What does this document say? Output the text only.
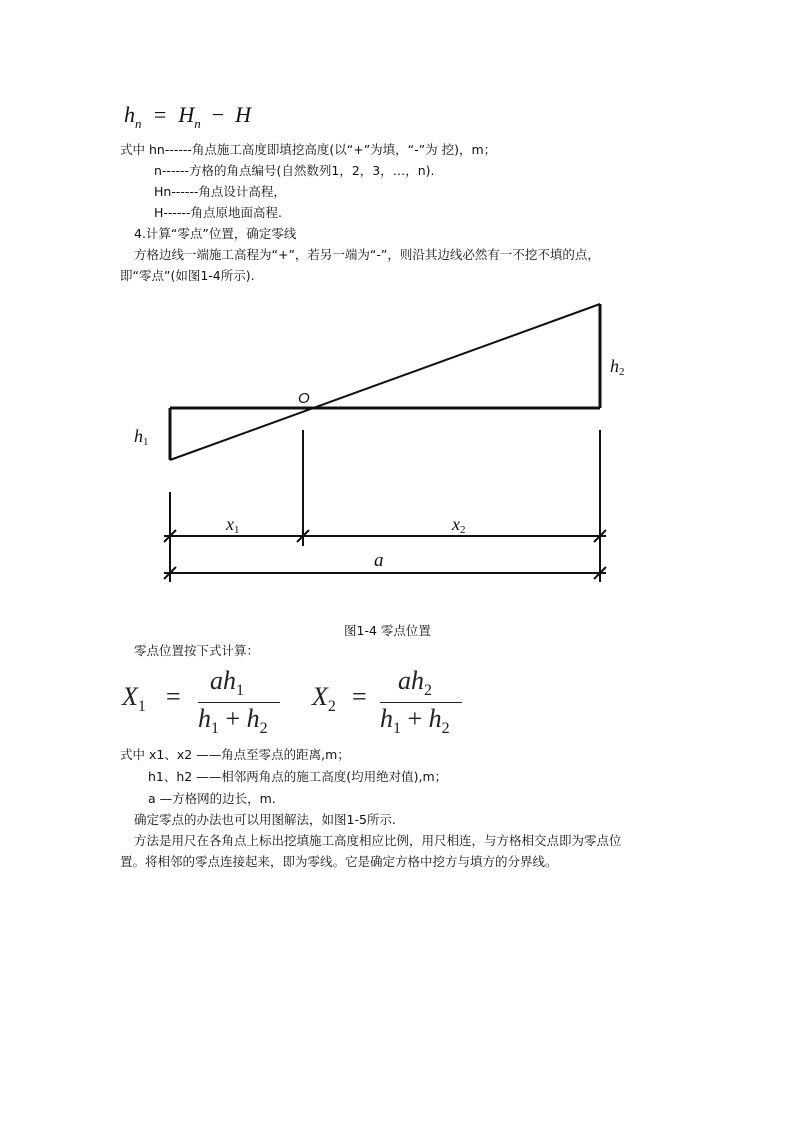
$h_n = H_n - H$
式中 hn------角点施工高度即填挖高度(以“+”为填，“-”为 挖)，m；
n------方格的角点编号(自然数列1，2，3，…，n).
Hn------角点设计高程，
H------角点原地面高程.
4.计算“零点”位置，确定零线
方格边线一端施工高程为“+”，若另一端为“-”，则沿其边线必然有一不挖不填的点，
即“零点”(如图1-4所示).
h1
h2
O
x1	x2
a
图1-4 零点位置
零点位置按下式计算：
$X_1$ =
$ah_1$
$h_1 + h_2$
$X_2$ =
$ah_2$
$h_1 + h_2$
式中 x1、x2 ——角点至零点的距离,m；
h1、h2 ——相邻两角点的施工高度(均用绝对值),m；
a —方格网的边长，m.
确定零点的办法也可以用图解法，如图1-5所示.
方法是用尺在各角点上标出挖填施工高度相应比例，用尺相连，与方格相交点即为零点位
置。将相邻的零点连接起来，即为零线。它是确定方格中挖方与填方的分界线。
